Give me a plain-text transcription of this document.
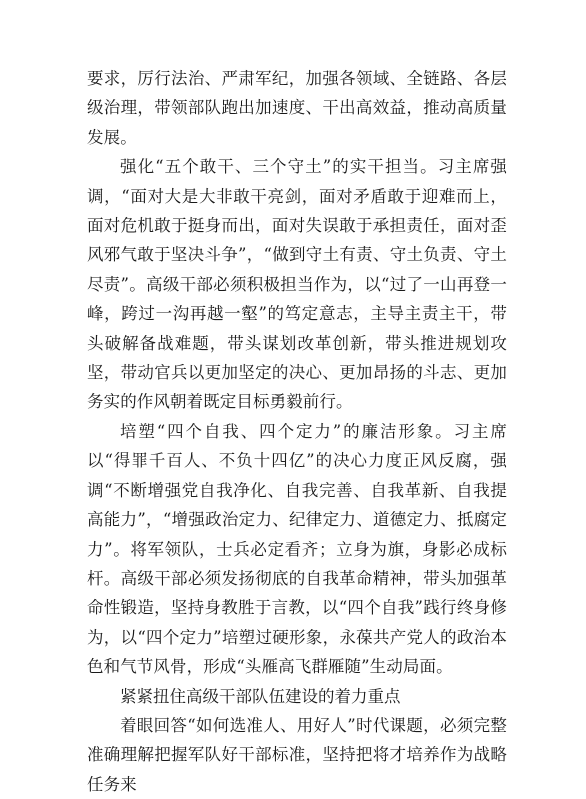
要求，厉行法治、严肃军纪，加强各领域、全链路、各层级治理，带领部队跑出加速度、干出高效益，推动高质量发展。

强化“五个敢干、三个守土”的实干担当。习主席强调，“面对大是大非敢干亮剑，面对矛盾敢于迎难而上，面对危机敢于挺身而出，面对失误敢于承担责任，面对歪风邪气敢于坚决斗争”，“做到守土有责、守土负责、守土尽责”。高级干部必须积极担当作为，以“过了一山再登一峰，跨过一沟再越一壑”的笃定意志，主导主责主干，带头破解备战难题，带头谋划改革创新，带头推进规划攻坚，带动官兵以更加坚定的决心、更加昂扬的斗志、更加务实的作风朝着既定目标勇毅前行。

培塑“四个自我、四个定力”的廉洁形象。习主席以“得罪千百人、不负十四亿”的决心力度正风反腐，强调“不断增强党自我净化、自我完善、自我革新、自我提高能力”，“增强政治定力、纪律定力、道德定力、抵腐定力”。将军领队，士兵必定看齐；立身为旗，身影必成标杆。高级干部必须发扬彻底的自我革命精神，带头加强革命性锻造，坚持身教胜于言教，以“四个自我”践行终身修为，以“四个定力”培塑过硬形象，永葆共产党人的政治本色和气节风骨，形成“头雁高飞群雁随”生动局面。

紧紧扭住高级干部队伍建设的着力重点

着眼回答“如何选准人、用好人”时代课题，必须完整准确理解把握军队好干部标准，坚持把将才培养作为战略任务来
